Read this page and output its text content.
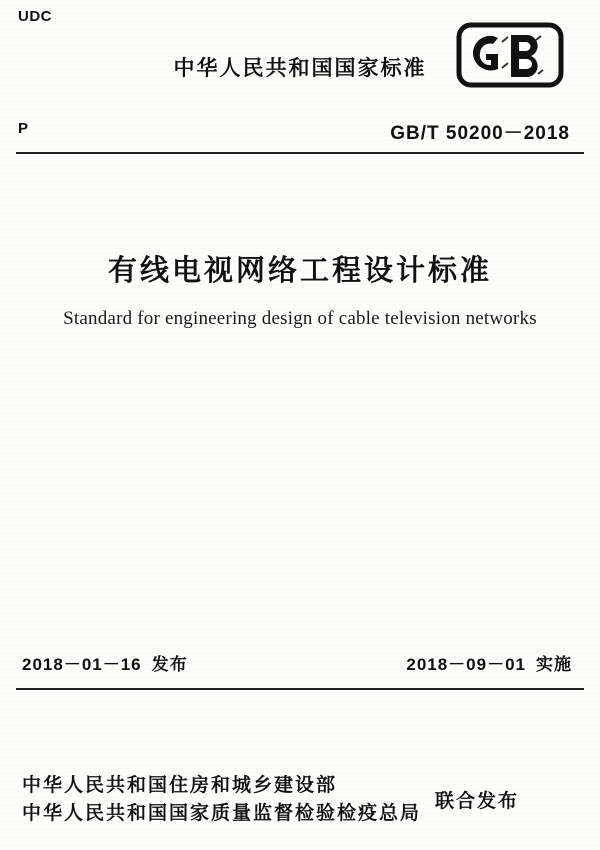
UDC
中华人民共和国国家标准
P	GB/T 50200－2018
有线电视网络工程设计标准
Standard for engineering design of cable television networks
2018－01－16 发布	2018－09－01 实施
中华人民共和国住房和城乡建设部
中华人民共和国国家质量监督检验检疫总局
联合发布
